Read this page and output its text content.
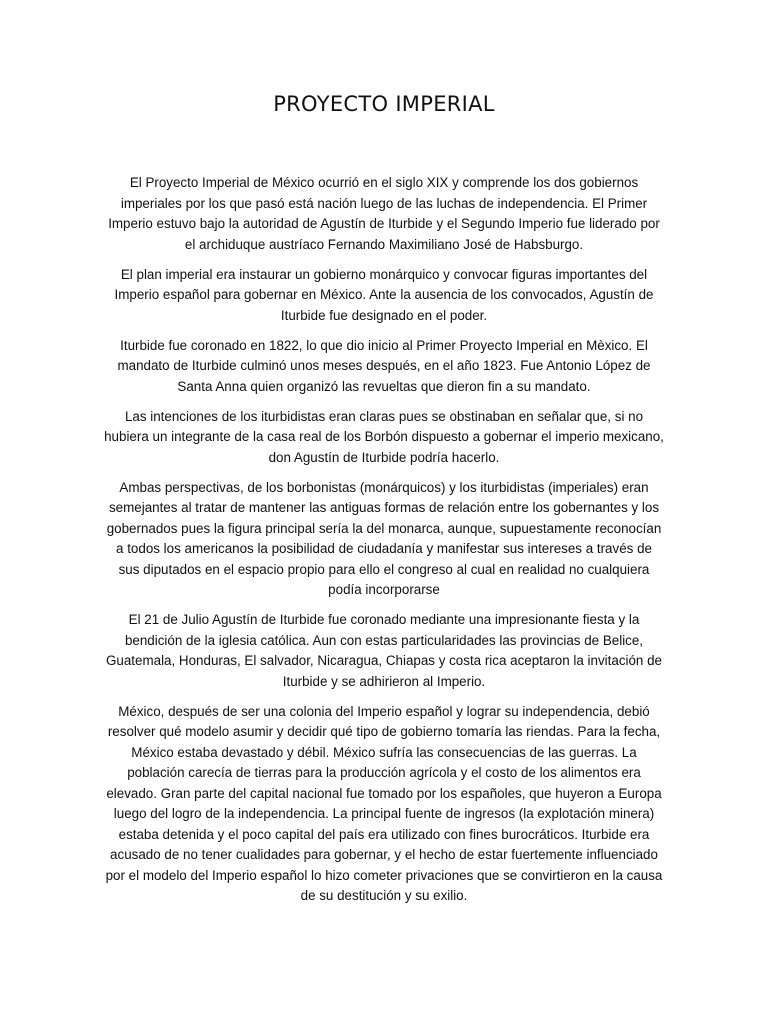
PROYECTO IMPERIAL

El Proyecto Imperial de México ocurrió en el siglo XIX y comprende los dos gobiernos imperiales por los que pasó está nación luego de las luchas de independencia. El Primer Imperio estuvo bajo la autoridad de Agustín de Iturbide y el Segundo Imperio fue liderado por el archiduque austríaco Fernando Maximiliano José de Habsburgo.

El plan imperial era instaurar un gobierno monárquico y convocar figuras importantes del Imperio español para gobernar en México. Ante la ausencia de los convocados, Agustín de Iturbide fue designado en el poder.

Iturbide fue coronado en 1822, lo que dio inicio al Primer Proyecto Imperial en Mèxico. El mandato de Iturbide culminó unos meses después, en el año 1823. Fue Antonio López de Santa Anna quien organizó las revueltas que dieron fin a su mandato.

Las intenciones de los iturbidistas eran claras pues se obstinaban en señalar que, si no hubiera un integrante de la casa real de los Borbón dispuesto a gobernar el imperio mexicano, don Agustín de Iturbide podría hacerlo.

Ambas perspectivas, de los borbonistas (monárquicos) y los iturbidistas (imperiales) eran semejantes al tratar de mantener las antiguas formas de relación entre los gobernantes y los gobernados pues la figura principal sería la del monarca, aunque, supuestamente reconocían a todos los americanos la posibilidad de ciudadanía y manifestar sus intereses a través de sus diputados en el espacio propio para ello el congreso al cual en realidad no cualquiera podía incorporarse

El 21 de Julio Agustín de Iturbide fue coronado mediante una impresionante fiesta y la bendición de la iglesia católica. Aun con estas particularidades las provincias de Belice, Guatemala, Honduras, El salvador, Nicaragua, Chiapas y costa rica aceptaron la invitación de Iturbide y se adhirieron al Imperio.

México, después de ser una colonia del Imperio español y lograr su independencia, debió resolver qué modelo asumir y decidir qué tipo de gobierno tomaría las riendas. Para la fecha, México estaba devastado y débil. México sufría las consecuencias de las guerras. La población carecía de tierras para la producción agrícola y el costo de los alimentos era elevado. Gran parte del capital nacional fue tomado por los españoles, que huyeron a Europa luego del logro de la independencia. La principal fuente de ingresos (la explotación minera) estaba detenida y el poco capital del país era utilizado con fines burocráticos. Iturbide era acusado de no tener cualidades para gobernar, y el hecho de estar fuertemente influenciado por el modelo del Imperio español lo hizo cometer privaciones que se convirtieron en la causa de su destitución y su exilio.
